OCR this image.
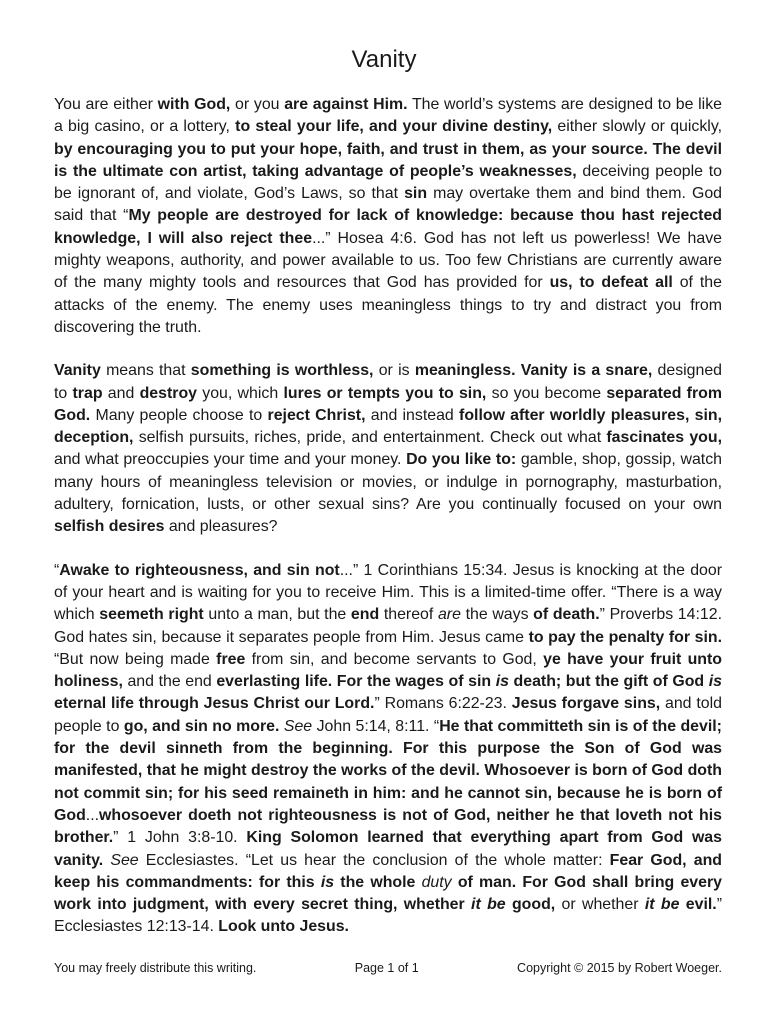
Vanity

You are either with God, or you are against Him. The world’s systems are designed to be like a big casino, or a lottery, to steal your life, and your divine destiny, either slowly or quickly, by encouraging you to put your hope, faith, and trust in them, as your source. The devil is the ultimate con artist, taking advantage of people’s weaknesses, deceiving people to be ignorant of, and violate, God’s Laws, so that sin may overtake them and bind them. God said that “My people are destroyed for lack of knowledge: because thou hast rejected knowledge, I will also reject thee...” Hosea 4:6. God has not left us powerless! We have mighty weapons, authority, and power available to us. Too few Christians are currently aware of the many mighty tools and resources that God has provided for us, to defeat all of the attacks of the enemy. The enemy uses meaningless things to try and distract you from discovering the truth.

Vanity means that something is worthless, or is meaningless. Vanity is a snare, designed to trap and destroy you, which lures or tempts you to sin, so you become separated from God. Many people choose to reject Christ, and instead follow after worldly pleasures, sin, deception, selfish pursuits, riches, pride, and entertainment. Check out what fascinates you, and what preoccupies your time and your money. Do you like to: gamble, shop, gossip, watch many hours of meaningless television or movies, or indulge in pornography, masturbation, adultery, fornication, lusts, or other sexual sins? Are you continually focused on your own selfish desires and pleasures?

“Awake to righteousness, and sin not...” 1 Corinthians 15:34. Jesus is knocking at the door of your heart and is waiting for you to receive Him. This is a limited-time offer. “There is a way which seemeth right unto a man, but the end thereof are the ways of death.” Proverbs 14:12. God hates sin, because it separates people from Him. Jesus came to pay the penalty for sin. “But now being made free from sin, and become servants to God, ye have your fruit unto holiness, and the end everlasting life. For the wages of sin is death; but the gift of God is eternal life through Jesus Christ our Lord.” Romans 6:22-23. Jesus forgave sins, and told people to go, and sin no more. See John 5:14, 8:11. “He that committeth sin is of the devil; for the devil sinneth from the beginning. For this purpose the Son of God was manifested, that he might destroy the works of the devil. Whosoever is born of God doth not commit sin; for his seed remaineth in him: and he cannot sin, because he is born of God...whosoever doeth not righteousness is not of God, neither he that loveth not his brother.” 1 John 3:8-10. King Solomon learned that everything apart from God was vanity. See Ecclesiastes. “Let us hear the conclusion of the whole matter: Fear God, and keep his commandments: for this is the whole duty of man. For God shall bring every work into judgment, with every secret thing, whether it be good, or whether it be evil.” Ecclesiastes 12:13-14. Look unto Jesus.

You may freely distribute this writing.	Page 1 of 1	Copyright © 2015 by Robert Woeger.
